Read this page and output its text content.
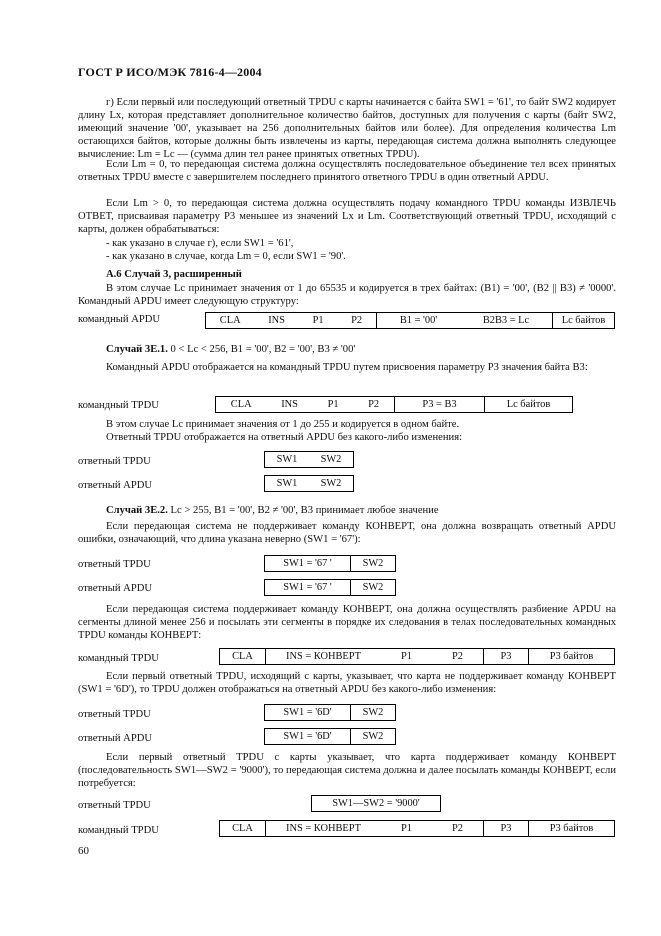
ГОСТ Р ИСО/МЭК 7816-4—2004

г) Если первый или последующий ответный TPDU с карты начинается с байта SW1 = '61', то байт SW2 кодирует длину Lx, которая представляет дополнительное количество байтов, доступных для получения с карты (байт SW2, имеющий значение '00', указывает на 256 дополнительных байтов или более). Для определения количества Lm остающихся байтов, которые должны быть извлечены из карты, передающая система должна выполнять следующее вычисление: Lm = Lc — (сумма длин тел ранее принятых ответных TPDU).

Если Lm = 0, то передающая система должна осуществлять последовательное объединение тел всех принятых ответных TPDU вместе с завершителем последнего принятого ответного TPDU в один ответный APDU.

Если Lm > 0, то передающая система должна осуществлять подачу командного TPDU команды ИЗВЛЕЧЬ ОТВЕТ, присваивая параметру P3 меньшее из значений Lx и Lm. Соответствующий ответный TPDU, исходящий с карты, должен обрабатываться:

- как указано в случае г), если SW1 = '61',

- как указано в случае, когда Lm = 0, если SW1 = '90'.

А.6 Случай 3, расширенный

В этом случае Lc принимает значения от 1 до 65535 и кодируется в трех байтах: (B1) = '00', (B2 || B3) ≠ '0000'. Командный APDU имеет следующую структуру:

командный APDU	CLA	INS	P1	P2	B1 = '00'	B2B3 = Lc	Lc байтов
Случай 3Е.1. 0 < Lc < 256, B1 = '00', B2 = '00', B3 ≠ '00'

Командный APDU отображается на командный TPDU путем присвоения параметру P3 значения байта B3:

командный TPDU	CLA	INS	P1	P2	P3 = B3	Lc байтов

В этом случае Lc принимает значения от 1 до 255 и кодируется в одном байте.

Ответный TPDU отображается на ответный APDU без какого-либо изменения:

ответный TPDU	SW1 SW2
ответный APDU	SW1 SW2
Случай 3Е.2. Lc > 255, B1 = '00', B2 ≠ '00', B3 принимает любое значение

Если передающая система не поддерживает команду КОНВЕРТ, она должна возвращать ответный APDU ошибки, означающий, что длина указана неверно (SW1 = '67'):

ответный TPDU	SW1 = '67 '	SW2
ответный APDU	SW1 = '67 '	SW2

Если передающая система поддерживает команду КОНВЕРТ, она должна осуществлять разбиение APDU на сегменты длиной менее 256 и посылать эти сегменты в порядке их следования в телах последовательных командных TPDU команды КОНВЕРТ:

командный TPDU	CLA	INS = КОНВЕРТ	P1	P2	P3	P3 байтов

Если первый ответный TPDU, исходящий с карты, указывает, что карта не поддерживает команду КОНВЕРТ (SW1 = '6D'), то TPDU должен отображаться на ответный APDU без какого-либо изменения:

ответный TPDU	SW1 = '6D'	SW2
ответный APDU	SW1 = '6D'	SW2

Если первый ответный TPDU с карты указывает, что карта поддерживает команду КОНВЕРТ (последовательность SW1—SW2 = '9000'), то передающая система должна и далее посылать команды КОНВЕРТ, если потребуется:

ответный TPDU	SW1—SW2 = '9000'
командный TPDU	CLA	INS = КОНВЕРТ	P1	P2	P3	P3 байтов
60
